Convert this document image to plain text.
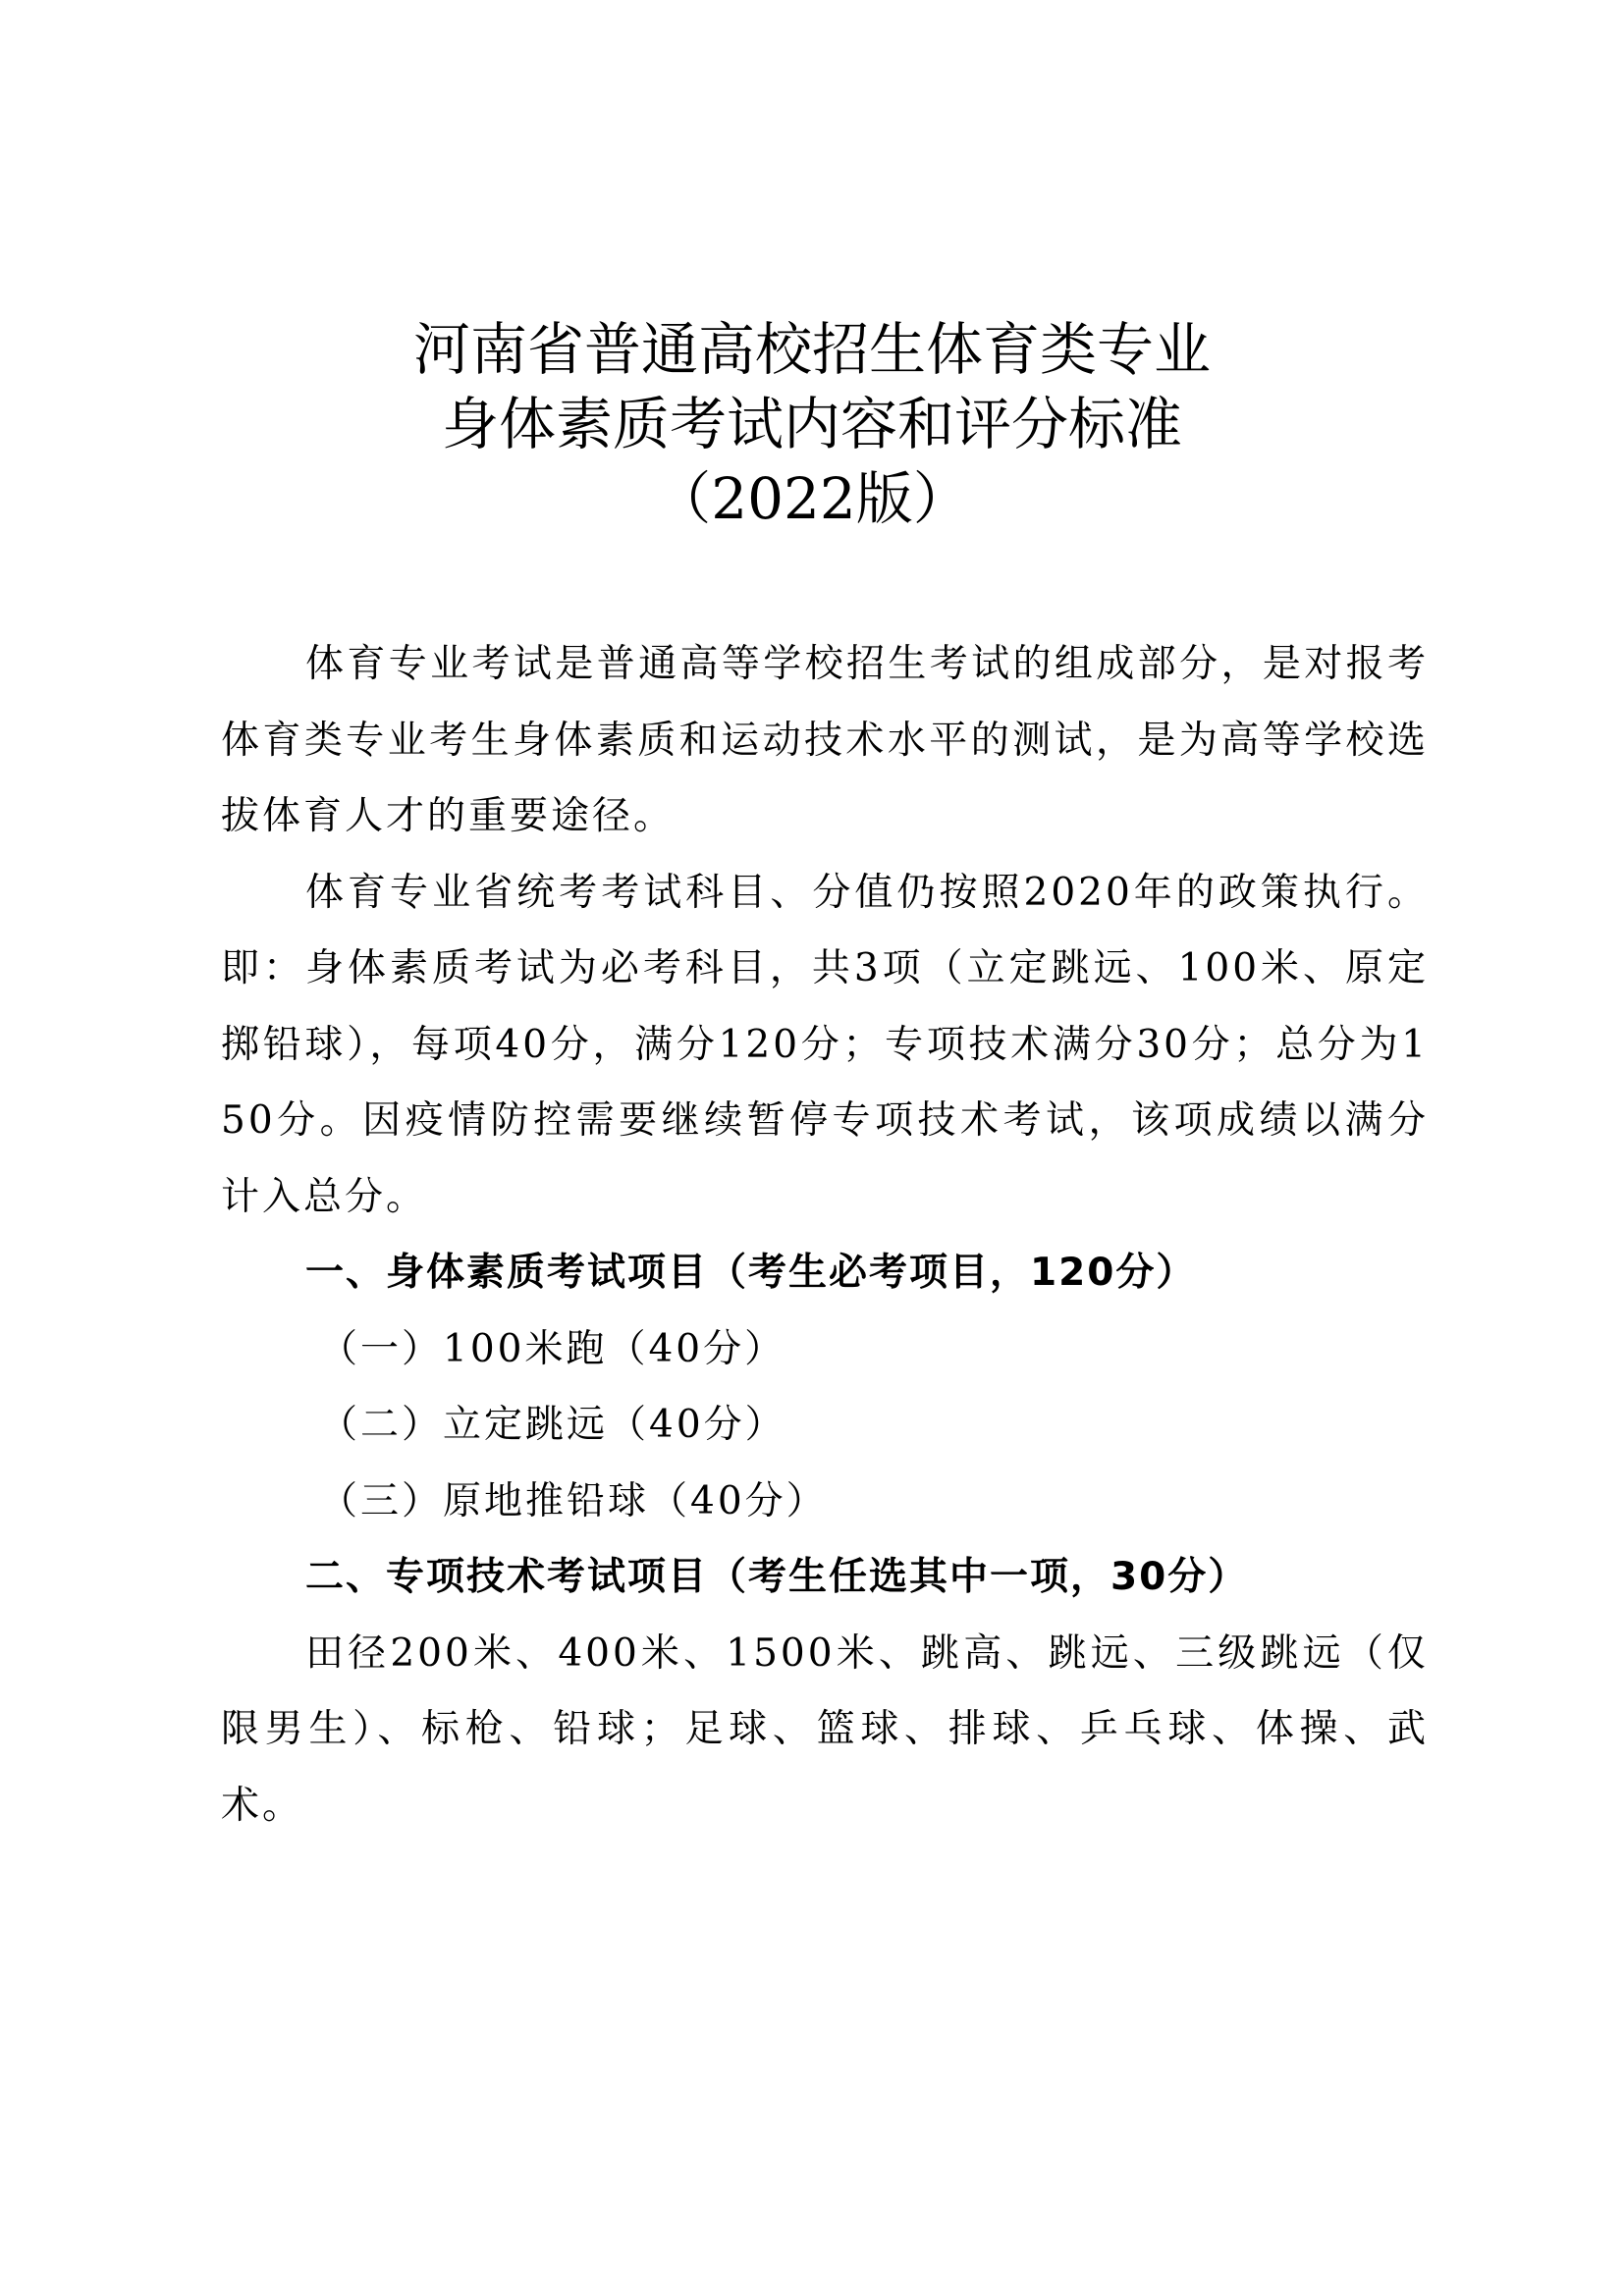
河南省普通高校招生体育类专业
身体素质考试内容和评分标准
（2022版）

体育专业考试是普通高等学校招生考试的组成部分，是对报考体育类专业考生身体素质和运动技术水平的测试，是为高等学校选拔体育人才的重要途径。

体育专业省统考考试科目、分值仍按照2020年的政策执行。即：身体素质考试为必考科目，共3项（立定跳远、100米、原定掷铅球），每项40分，满分120分；专项技术满分30分；总分为150分。因疫情防控需要继续暂停专项技术考试，该项成绩以满分计入总分。

一、身体素质考试项目（考生必考项目，120分）

（一）100米跑（40分）

（二）立定跳远（40分）

（三）原地推铅球（40分）

二、专项技术考试项目（考生任选其中一项，30分）

田径200米、400米、1500米、跳高、跳远、三级跳远（仅限男生）、标枪、铅球；足球、篮球、排球、乒乓球、体操、武术。
